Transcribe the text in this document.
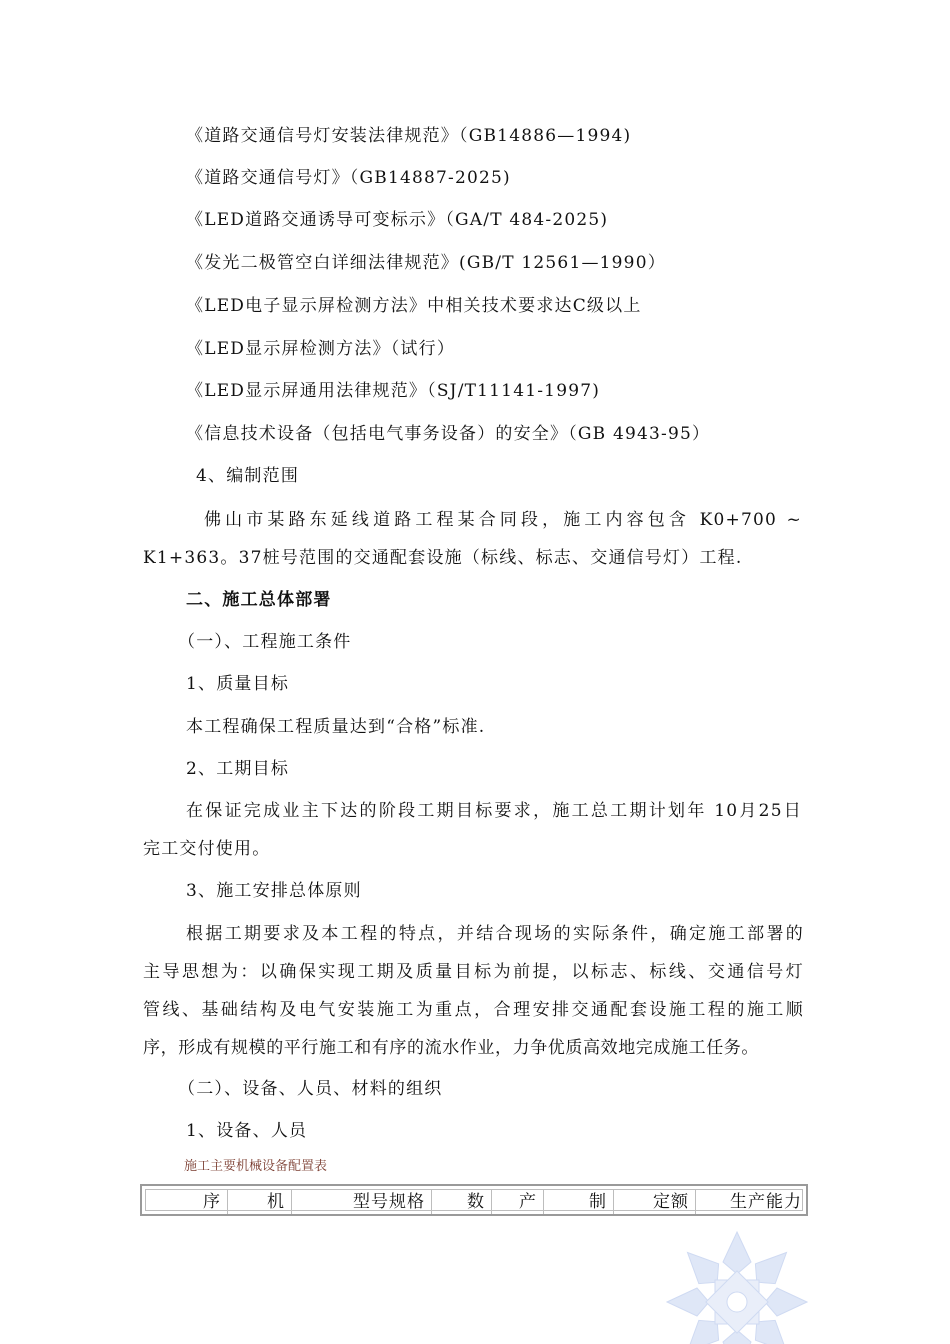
《道路交通信号灯安装法律规范》（GB14886—1994)
《道路交通信号灯》（GB14887-2025)
《LED道路交通诱导可变标示》（GA/T 484-2025)
《发光二极管空白详细法律规范》(GB/T 12561—1990）
《LED电子显示屏检测方法》中相关技术要求达C级以上
《LED显示屏检测方法》（试行）
《LED显示屏通用法律规范》（SJ/T11141-1997)
《信息技术设备（包括电气事务设备）的安全》（GB 4943-95）
4、编制范围
佛山市某路东延线道路工程某合同段，施工内容包含 K0+700 ~
K1+363。37桩号范围的交通配套设施（标线、标志、交通信号灯）工程.
二、施工总体部署
（一）、工程施工条件
1、质量目标
本工程确保工程质量达到“合格”标准.
2、工期目标
在保证完成业主下达的阶段工期目标要求，施工总工期计划年 10月25日
完工交付使用。
3、施工安排总体原则
根据工期要求及本工程的特点，并结合现场的实际条件，确定施工部署的
主导思想为：以确保实现工期及质量目标为前提，以标志、标线、交通信号灯
管线、基础结构及电气安装施工为重点，合理安排交通配套设施工程的施工顺
序，形成有规模的平行施工和有序的流水作业，力争优质高效地完成施工任务。
（二）、设备、人员、材料的组织
1、设备、人员
施工主要机械设备配置表
序	机	型号规格	数	产	制	定额	生产能力
